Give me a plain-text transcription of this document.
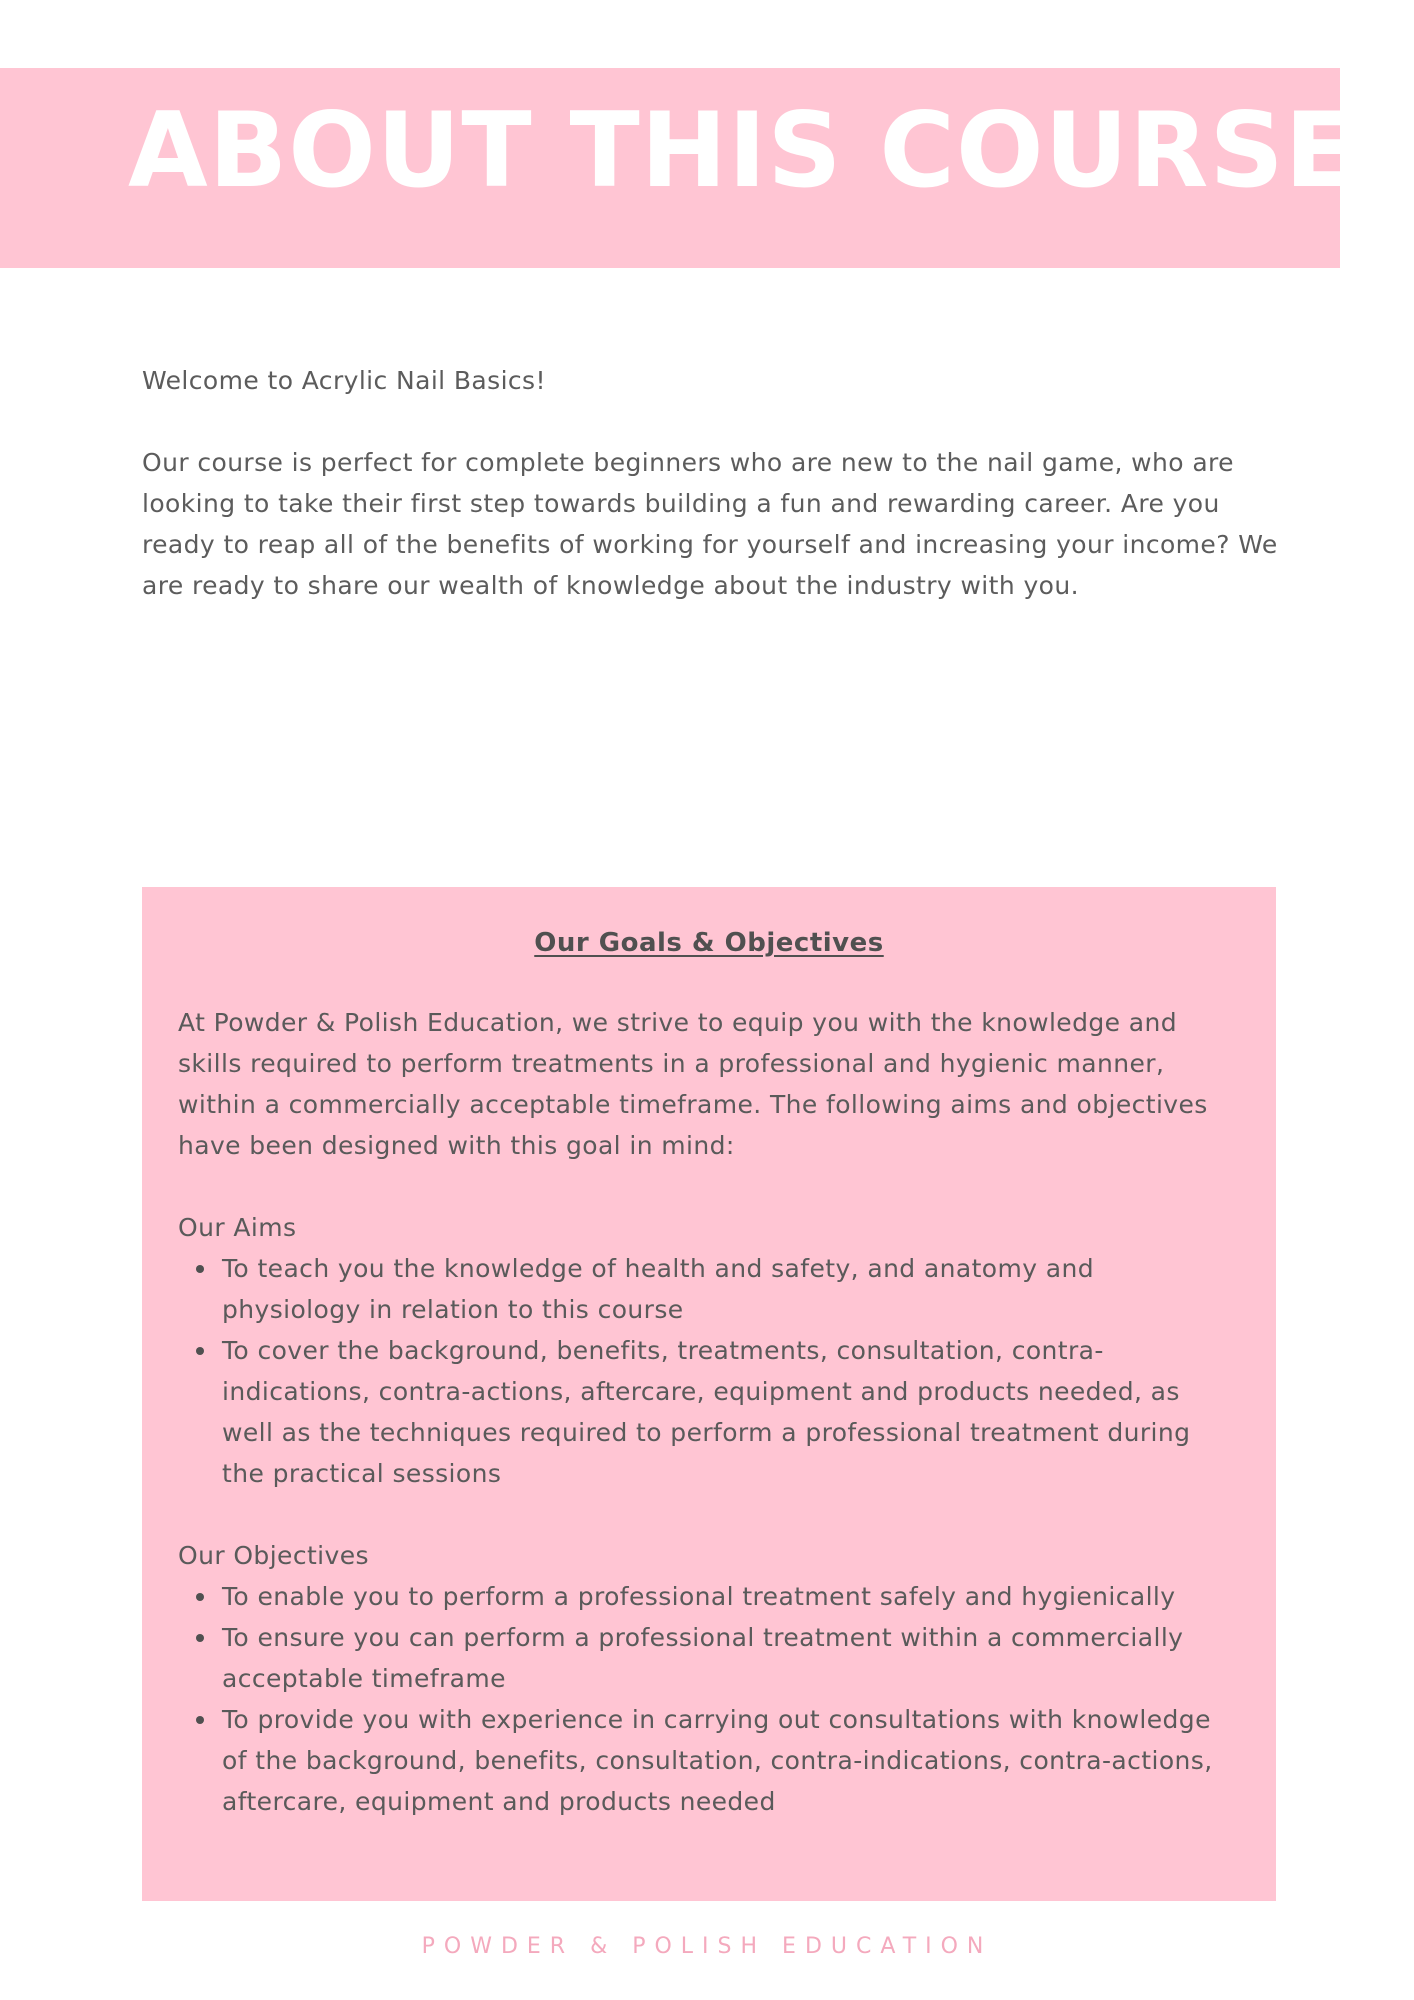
ABOUT THIS COURSE

Welcome to Acrylic Nail Basics!

Our course is perfect for complete beginners who are new to the nail game, who are looking to take their first step towards building a fun and rewarding career. Are you ready to reap all of the benefits of working for yourself and increasing your income? We are ready to share our wealth of knowledge about the industry with you.

Our Goals & Objectives

At Powder & Polish Education, we strive to equip you with the knowledge and skills required to perform treatments in a professional and hygienic manner, within a commercially acceptable timeframe. The following aims and objectives have been designed with this goal in mind:

Our Aims

To teach you the knowledge of health and safety, and anatomy and physiology in relation to this course
To cover the background, benefits, treatments, consultation, contra-indications, contra-actions, aftercare, equipment and products needed, as well as the techniques required to perform a professional treatment during the practical sessions

Our Objectives

To enable you to perform a professional treatment safely and hygienically
To ensure you can perform a professional treatment within a commercially acceptable timeframe
To provide you with experience in carrying out consultations with knowledge of the background, benefits, consultation, contra-indications, contra-actions, aftercare, equipment and products needed
POWDER & POLISH EDUCATION
